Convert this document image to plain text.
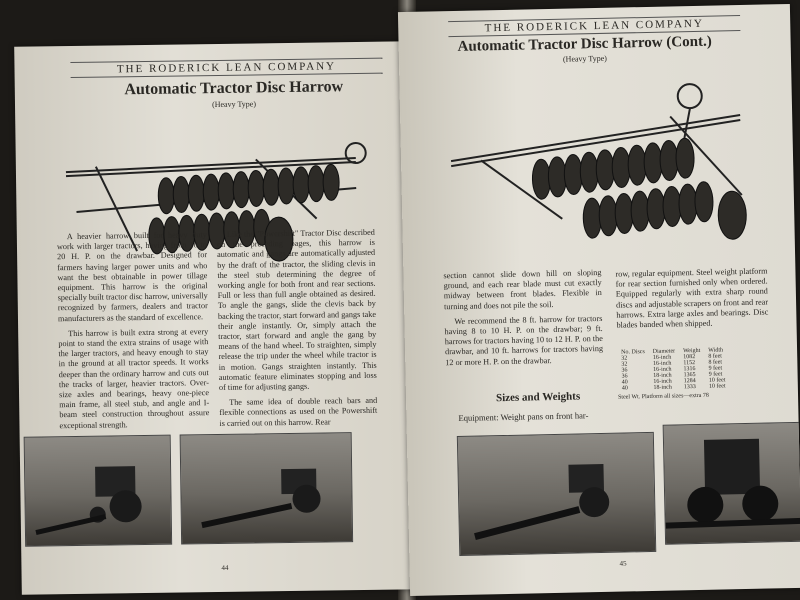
THE RODERICK LEAN COMPANY
Automatic Tractor Disc Harrow
(Heavy Type)

A heavier harrow built for heavy duty work with larger tractors, having from 10 to 20 H. P. on the drawbar. Designed for farmers having larger power units and who want the best obtainable in power tillage equipment. This harrow is the original specially built tractor disc harrow, universally recognized by farmers, dealers and tractor manufacturers as the standard of excellence.

This harrow is built extra strong at every point to stand the extra strains of usage with the larger tractors, and heavy enough to stay in the ground at all tractor speeds. It works deeper than the ordinary harrow and cuts out the tracks of larger, heavier tractors. Over-size axles and bearings, heavy one-piece main frame, all steel stub, and angle and I-beam steel construction throughout assure exceptional strength.

Like the "Powershift" Tractor Disc described on the preceding pages, this harrow is automatic and gangs are automatically adjusted by the draft of the tractor, the sliding clevis in the steel stub determining the degree of working angle for both front and rear sections. Full or less than full angle obtained as desired. To angle the gangs, slide the clevis back by backing the tractor, start forward and gangs take their angle instantly. Or, simply attach the tractor, start forward and angle the gang by means of the hand wheel. To straighten, simply release the trip under the wheel while tractor is in motion. Gangs straighten instantly. This automatic feature eliminates stopping and loss of time for adjusting gangs.

The same idea of double reach bars and flexible connections as used on the Powershift is carried out on this harrow. Rear

44
THE RODERICK LEAN COMPANY
Automatic Tractor Disc Harrow (Cont.)
(Heavy Type)

section cannot slide down hill on sloping ground, and each rear blade must cut exactly midway between front blades. Flexible in turning and does not pile the soil.

We recommend the 8 ft. harrow for tractors having 8 to 10 H. P. on the drawbar; 9 ft. harrows for tractors having 10 to 12 H. P. on the drawbar, and 10 ft. harrows for tractors having 12 or more H. P. on the drawbar.

Sizes and Weights
Equipment: Weight pans on front har-

row, regular equipment. Steel weight platform for rear section furnished only when ordered. Equipped regularly with extra sharp round discs and adjustable scrapers on front and rear harrows. Extra large axles and bearings. Disc blades banded when shipped.

No. Discs	Diameter	Weight	Width
32	16-inch	1082	8 feet
32	16-inch	1152	8 feet
36	16-inch	1316	9 feet
36	18-inch	1365	9 feet
40	16-inch	1284	10 feet
40	18-inch	1333	10 feet
Steel Wt. Platform all sizes—extra 78
45
